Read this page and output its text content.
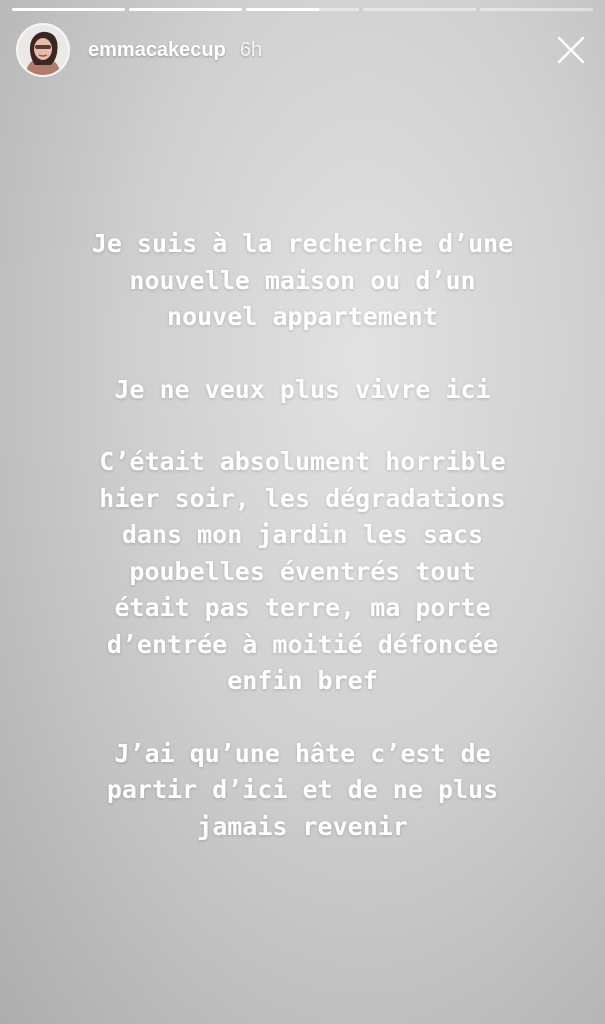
emmacakecup 6h

Je suis à la recherche d’une
nouvelle maison ou d’un
nouvel appartement

Je ne veux plus vivre ici

C’était absolument horrible
hier soir, les dégradations
dans mon jardin les sacs
poubelles éventrés tout
était pas terre, ma porte
d’entrée à moitié défoncée
enfin bref

J’ai qu’une hâte c’est de
partir d’ici et de ne plus
jamais revenir
